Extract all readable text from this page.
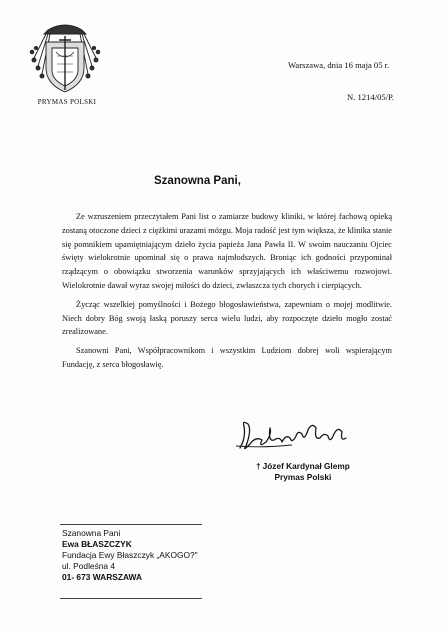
PRYMAS POLSKI
Warszawa, dnia 16 maja 05 r.
N. 1214/05/P.
Szanowna Pani,

Ze wzruszeniem przeczytałem Pani list o zamiarze budowy kliniki, w której fachową opieką zostaną otoczone dzieci z ciężkimi urazami mózgu. Moja radość jest tym większa, że klinika stanie się pomnikiem upamiętniającym dzieło życia papieża Jana Pawła II. W swoim nauczaniu Ojciec święty wielokrotnie upominał się o prawa najmłodszych. Broniąc ich godności przypominał rządzącym o obowiązku stworzenia warunków sprzyjających ich właściwemu rozwojowi. Wielokrotnie dawał wyraz swojej miłości do dzieci, zwłaszcza tych chorych i cierpiących.

Życząc wszelkiej pomyślności i Bożego błogosławieństwa, zapewniam o mojej modlitwie. Niech dobry Bóg swoją łaską poruszy serca wielu ludzi, aby rozpoczęte dzieło mogło zostać zrealizowane.

Szanowni Pani, Współpracownikom i wszystkim Ludziom dobrej woli wspierającym Fundację, z serca błogosławię.

† Józef Kardynał Glemp
Prymas Polski
Szanowna Pani
Ewa BŁASZCZYK
Fundacja Ewy Błaszczyk „AKOGO?"
ul. Podleśna 4
01- 673 WARSZAWA
